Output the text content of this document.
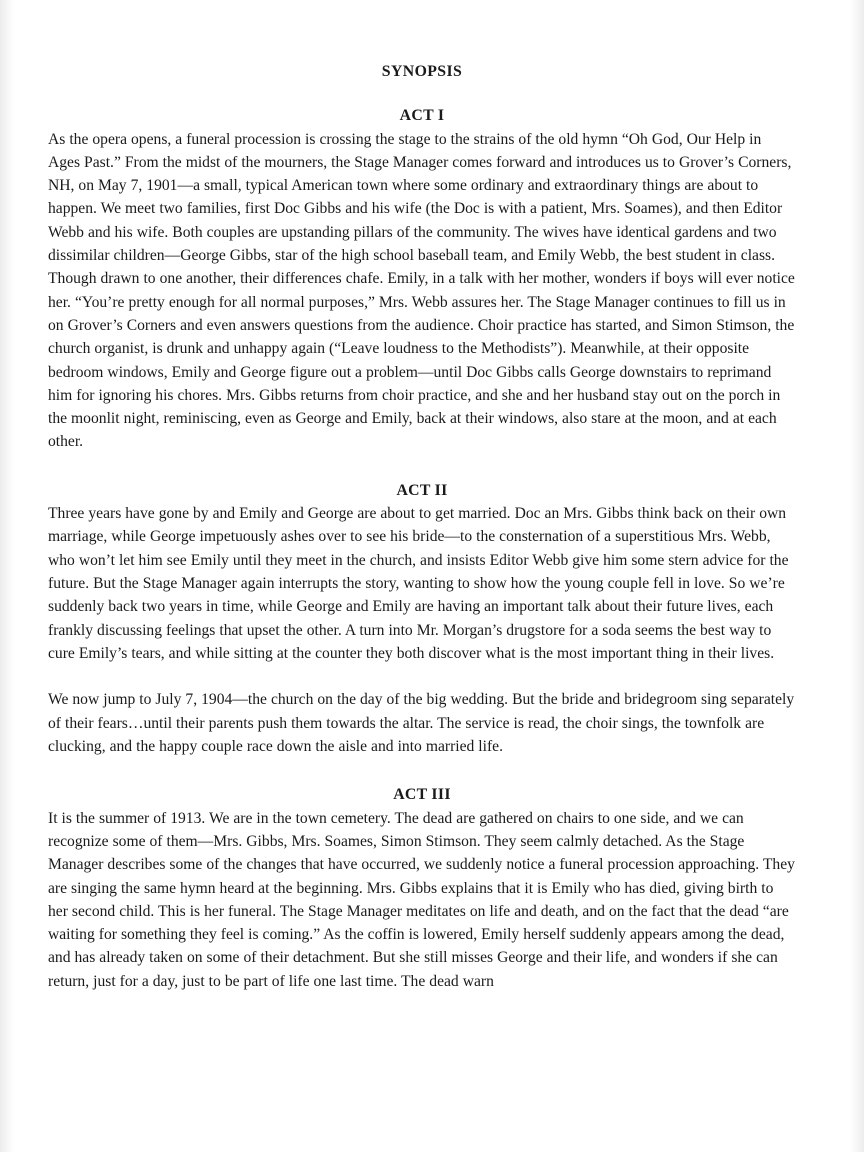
SYNOPSIS
ACT I

As the opera opens, a funeral procession is crossing the stage to the strains of the old hymn “Oh God, Our Help in Ages Past.” From the midst of the mourners, the Stage Manager comes forward and introduces us to Grover’s Corners, NH, on May 7, 1901—a small, typical American town where some ordinary and extraordinary things are about to happen. We meet two families, first Doc Gibbs and his wife (the Doc is with a patient, Mrs. Soames), and then Editor Webb and his wife. Both couples are upstanding pillars of the community. The wives have identical gardens and two dissimilar children—George Gibbs, star of the high school baseball team, and Emily Webb, the best student in class. Though drawn to one another, their differences chafe. Emily, in a talk with her mother, wonders if boys will ever notice her. “You’re pretty enough for all normal purposes,” Mrs. Webb assures her. The Stage Manager continues to fill us in on Grover’s Corners and even answers questions from the audience. Choir practice has started, and Simon Stimson, the church organist, is drunk and unhappy again (“Leave loudness to the Methodists”). Meanwhile, at their opposite bedroom windows, Emily and George figure out a problem—until Doc Gibbs calls George downstairs to reprimand him for ignoring his chores. Mrs. Gibbs returns from choir practice, and she and her husband stay out on the porch in the moonlit night, reminiscing, even as George and Emily, back at their windows, also stare at the moon, and at each other.

ACT II

Three years have gone by and Emily and George are about to get married. Doc an Mrs. Gibbs think back on their own marriage, while George impetuously ashes over to see his bride—to the consternation of a superstitious Mrs. Webb, who won’t let him see Emily until they meet in the church, and insists Editor Webb give him some stern advice for the future. But the Stage Manager again interrupts the story, wanting to show how the young couple fell in love. So we’re suddenly back two years in time, while George and Emily are having an important talk about their future lives, each frankly discussing feelings that upset the other. A turn into Mr. Morgan’s drugstore for a soda seems the best way to cure Emily’s tears, and while sitting at the counter they both discover what is the most important thing in their lives.

We now jump to July 7, 1904—the church on the day of the big wedding. But the bride and bridegroom sing separately of their fears…until their parents push them towards the altar. The service is read, the choir sings, the townfolk are clucking, and the happy couple race down the aisle and into married life.

ACT III

It is the summer of 1913. We are in the town cemetery. The dead are gathered on chairs to one side, and we can recognize some of them—Mrs. Gibbs, Mrs. Soames, Simon Stimson. They seem calmly detached. As the Stage Manager describes some of the changes that have occurred, we suddenly notice a funeral procession approaching. They are singing the same hymn heard at the beginning. Mrs. Gibbs explains that it is Emily who has died, giving birth to her second child. This is her funeral. The Stage Manager meditates on life and death, and on the fact that the dead “are waiting for something they feel is coming.” As the coffin is lowered, Emily herself suddenly appears among the dead, and has already taken on some of their detachment. But she still misses George and their life, and wonders if she can return, just for a day, just to be part of life one last time. The dead warn
